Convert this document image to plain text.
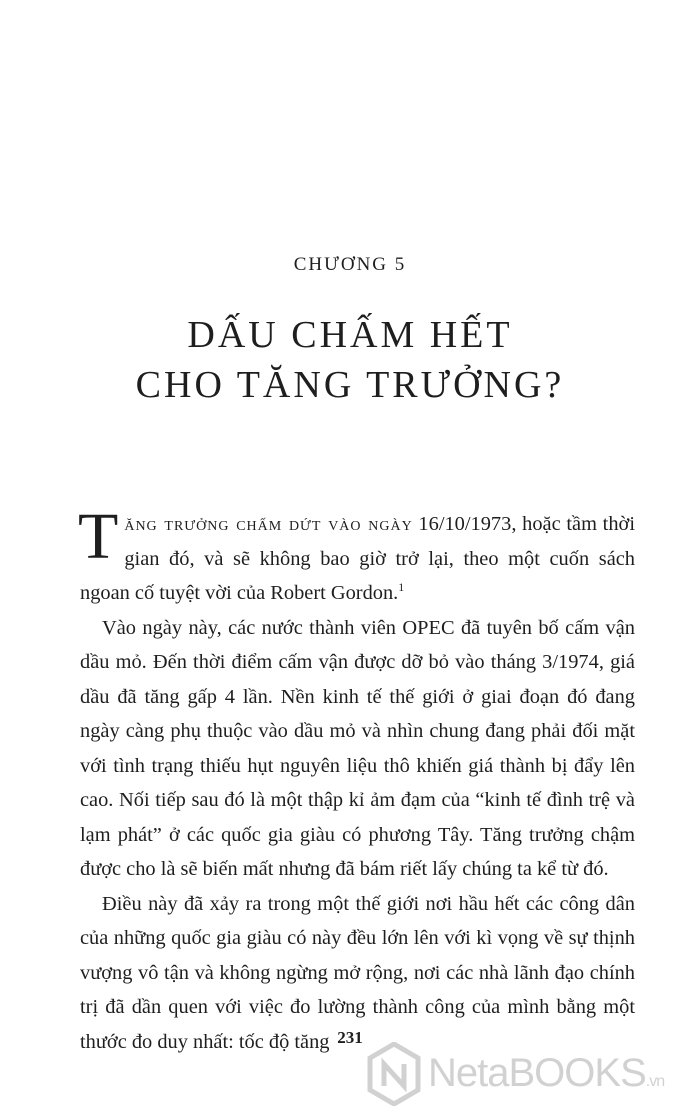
CHƯƠNG 5
DẤU CHẤM HẾT
CHO TĂNG TRƯỞNG?

Tăng trưởng chấm dứt vào ngày 16/10/1973, hoặc tầm thời gian đó, và sẽ không bao giờ trở lại, theo một cuốn sách ngoan cố tuyệt vời của Robert Gordon.$^1$

Vào ngày này, các nước thành viên OPEC đã tuyên bố cấm vận dầu mỏ. Đến thời điểm cấm vận được dỡ bỏ vào tháng 3/1974, giá dầu đã tăng gấp 4 lần. Nền kinh tế thế giới ở giai đoạn đó đang ngày càng phụ thuộc vào dầu mỏ và nhìn chung đang phải đối mặt với tình trạng thiếu hụt nguyên liệu thô khiến giá thành bị đẩy lên cao. Nối tiếp sau đó là một thập kỉ ảm đạm của “kinh tế đình trệ và lạm phát” ở các quốc gia giàu có phương Tây. Tăng trưởng chậm được cho là sẽ biến mất nhưng đã bám riết lấy chúng ta kể từ đó.

Điều này đã xảy ra trong một thế giới nơi hầu hết các công dân của những quốc gia giàu có này đều lớn lên với kì vọng về sự thịnh vượng vô tận và không ngừng mở rộng, nơi các nhà lãnh đạo chính trị đã dần quen với việc đo lường thành công của mình bằng một thước đo duy nhất: tốc độ tăng 231
NetaBOOKS.vn
